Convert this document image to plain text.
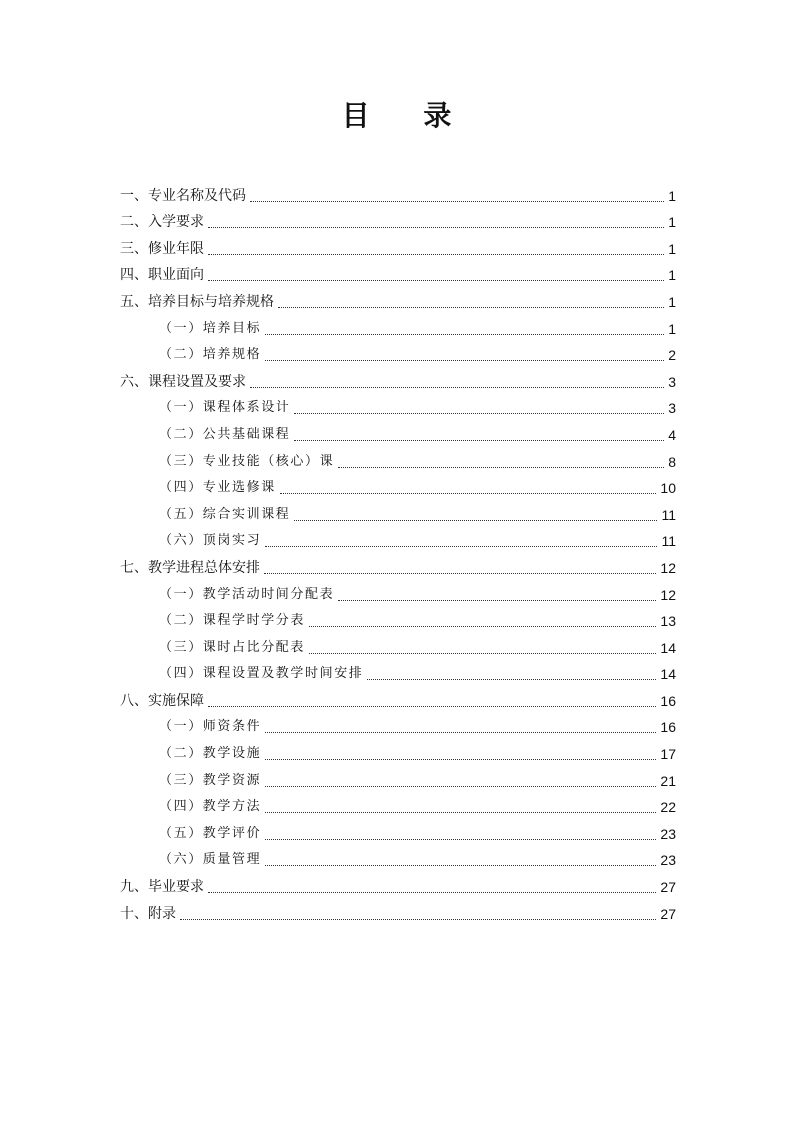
目 录
一、专业名称及代码	1
二、入学要求	1
三、修业年限	1
四、职业面向	1
五、培养目标与培养规格	1
（一）培养目标	1
（二）培养规格	2
六、课程设置及要求	3
（一）课程体系设计	3
（二）公共基础课程	4
（三）专业技能（核心）课	8
（四）专业选修课	10
（五）综合实训课程	11
（六）顶岗实习	11
七、教学进程总体安排	12
（一）教学活动时间分配表	12
（二）课程学时学分表	13
（三）课时占比分配表	14
（四）课程设置及教学时间安排	14
八、实施保障	16
（一）师资条件	16
（二）教学设施	17
（三）教学资源	21
（四）教学方法	22
（五）教学评价	23
（六）质量管理	23
九、毕业要求	27
十、附录	27
